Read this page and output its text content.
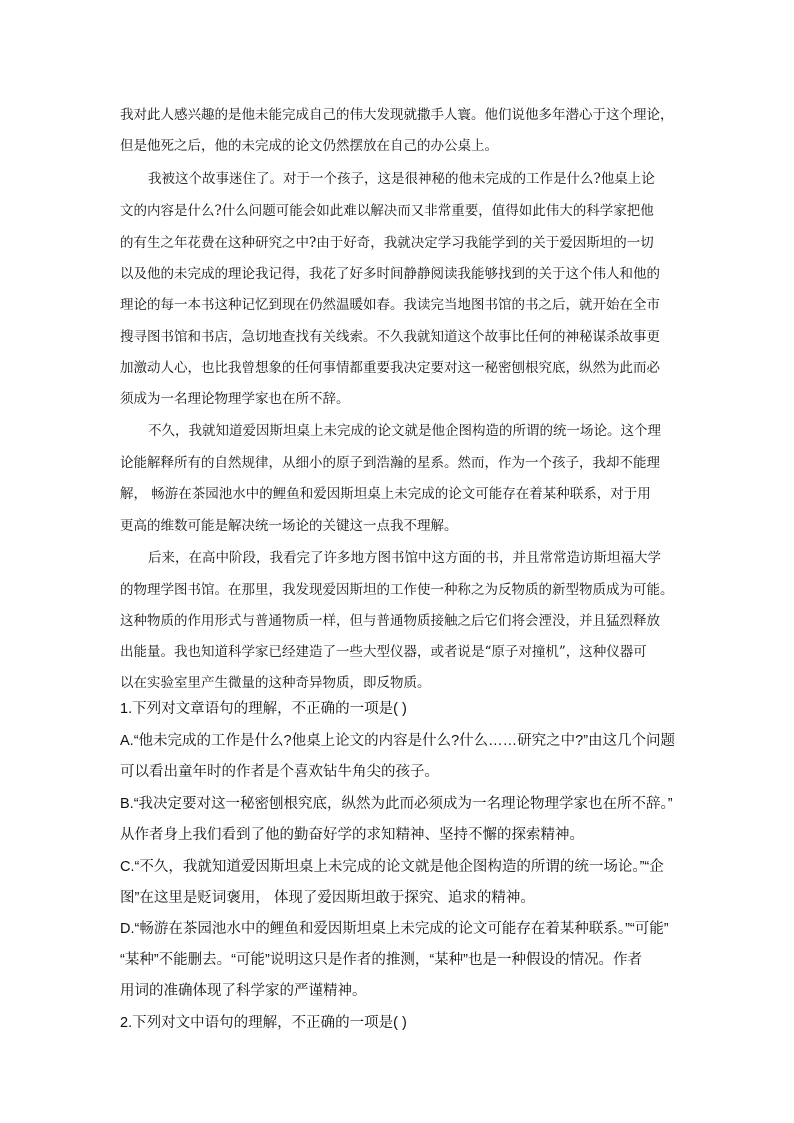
我对此人感兴趣的是他未能完成自己的伟大发现就撒手人寰。他们说他多年潜心于这个理论，
但是他死之后，他的未完成的论文仍然摆放在自己的办公桌上。
我被这个故事迷住了。对于一个孩子，这是很神秘的他未完成的工作是什么?他桌上论
文的内容是什么?什么问题可能会如此难以解决而又非常重要，值得如此伟大的科学家把他
的有生之年花费在这种研究之中?由于好奇，我就决定学习我能学到的关于爱因斯坦的一切
以及他的未完成的理论我记得，我花了好多时间静静阅读我能够找到的关于这个伟人和他的
理论的每一本书这种记忆到现在仍然温暖如春。我读完当地图书馆的书之后，就开始在全市
搜寻图书馆和书店，急切地查找有关线索。不久我就知道这个故事比任何的神秘谋杀故事更
加激动人心，也比我曾想象的任何事情都重要我决定要对这一秘密刨根究底，纵然为此而必
须成为一名理论物理学家也在所不辞。
不久，我就知道爱因斯坦桌上未完成的论文就是他企图构造的所谓的统一场论。这个理
论能解释所有的自然规律，从细小的原子到浩瀚的星系。然而，作为一个孩子，我却不能理
解， 畅游在茶园池水中的鲤鱼和爱因斯坦桌上未完成的论文可能存在着某种联系，对于用
更高的维数可能是解决统一场论的关键这一点我不理解。
后来，在高中阶段，我看完了许多地方图书馆中这方面的书，并且常常造访斯坦福大学
的物理学图书馆。在那里，我发现爱因斯坦的工作使一种称之为反物质的新型物质成为可能。
这种物质的作用形式与普通物质一样，但与普通物质接触之后它们将会湮没，并且猛烈释放
出能量。我也知道科学家已经建造了一些大型仪器，或者说是“原子对撞机”，这种仪器可
以在实验室里产生微量的这种奇异物质，即反物质。
1.下列对文章语句的理解，不正确的一项是( )
A.“他未完成的工作是什么?他桌上论文的内容是什么?什么……研究之中?”由这几个问题
可以看出童年时的作者是个喜欢钻牛角尖的孩子。
B.“我决定要对这一秘密刨根究底，纵然为此而必须成为一名理论物理学家也在所不辞。”
从作者身上我们看到了他的勤奋好学的求知精神、坚持不懈的探索精神。
C.“不久，我就知道爱因斯坦桌上未完成的论文就是他企图构造的所谓的统一场论。”“企
图”在这里是贬词褒用， 体现了爱因斯坦敢于探究、追求的精神。
D.“畅游在茶园池水中的鲤鱼和爱因斯坦桌上未完成的论文可能存在着某种联系。”“可能”
“某种”不能删去。“可能”说明这只是作者的推测，“某种”也是一种假设的情况。作者
用词的准确体现了科学家的严谨精神。
2.下列对文中语句的理解，不正确的一项是( )
